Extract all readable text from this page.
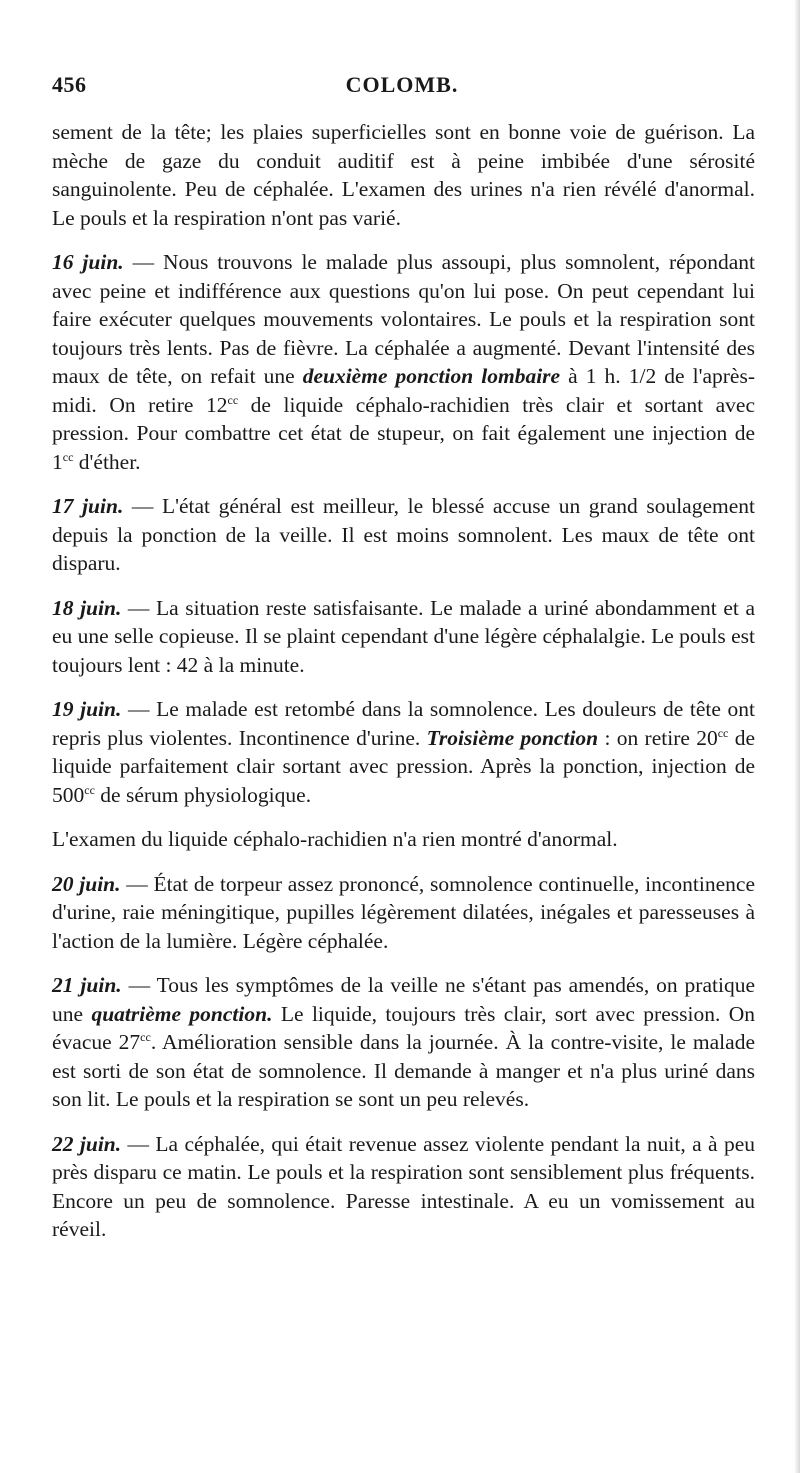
456	COLOMB.

sement de la tête; les plaies superficielles sont en bonne voie de guérison. La mèche de gaze du conduit auditif est à peine imbibée d'une sérosité sanguinolente. Peu de céphalée. L'examen des urines n'a rien révélé d'anormal. Le pouls et la respiration n'ont pas varié.

16 juin. — Nous trouvons le malade plus assoupi, plus somnolent, répondant avec peine et indifférence aux questions qu'on lui pose. On peut cependant lui faire exécuter quelques mouvements volontaires. Le pouls et la respiration sont toujours très lents. Pas de fièvre. La céphalée a augmenté. Devant l'intensité des maux de tête, on refait une deuxième ponction lombaire à 1 h. 1/2 de l'après-midi. On retire $12^{cc}$ de liquide céphalo-rachidien très clair et sortant avec pression. Pour combattre cet état de stupeur, on fait également une injection de $1^{cc}$ d'éther.

17 juin. — L'état général est meilleur, le blessé accuse un grand soulagement depuis la ponction de la veille. Il est moins somnolent. Les maux de tête ont disparu.

18 juin. — La situation reste satisfaisante. Le malade a uriné abondamment et a eu une selle copieuse. Il se plaint cependant d'une légère céphalalgie. Le pouls est toujours lent : 42 à la minute.

19 juin. — Le malade est retombé dans la somnolence. Les douleurs de tête ont repris plus violentes. Incontinence d'urine. Troisième ponction : on retire $20^{cc}$ de liquide parfaitement clair sortant avec pression. Après la ponction, injection de $500^{cc}$ de sérum physiologique.

L'examen du liquide céphalo-rachidien n'a rien montré d'anormal.

20 juin. — État de torpeur assez prononcé, somnolence continuelle, incontinence d'urine, raie méningitique, pupilles légèrement dilatées, inégales et paresseuses à l'action de la lumière. Légère céphalée.

21 juin. — Tous les symptômes de la veille ne s'étant pas amendés, on pratique une quatrième ponction. Le liquide, toujours très clair, sort avec pression. On évacue $27^{cc}$. Amélioration sensible dans la journée. À la contre-visite, le malade est sorti de son état de somnolence. Il demande à manger et n'a plus uriné dans son lit. Le pouls et la respiration se sont un peu relevés.

22 juin. — La céphalée, qui était revenue assez violente pendant la nuit, a à peu près disparu ce matin. Le pouls et la respiration sont sensiblement plus fréquents. Encore un peu de somnolence. Paresse intestinale. A eu un vomissement au réveil.
